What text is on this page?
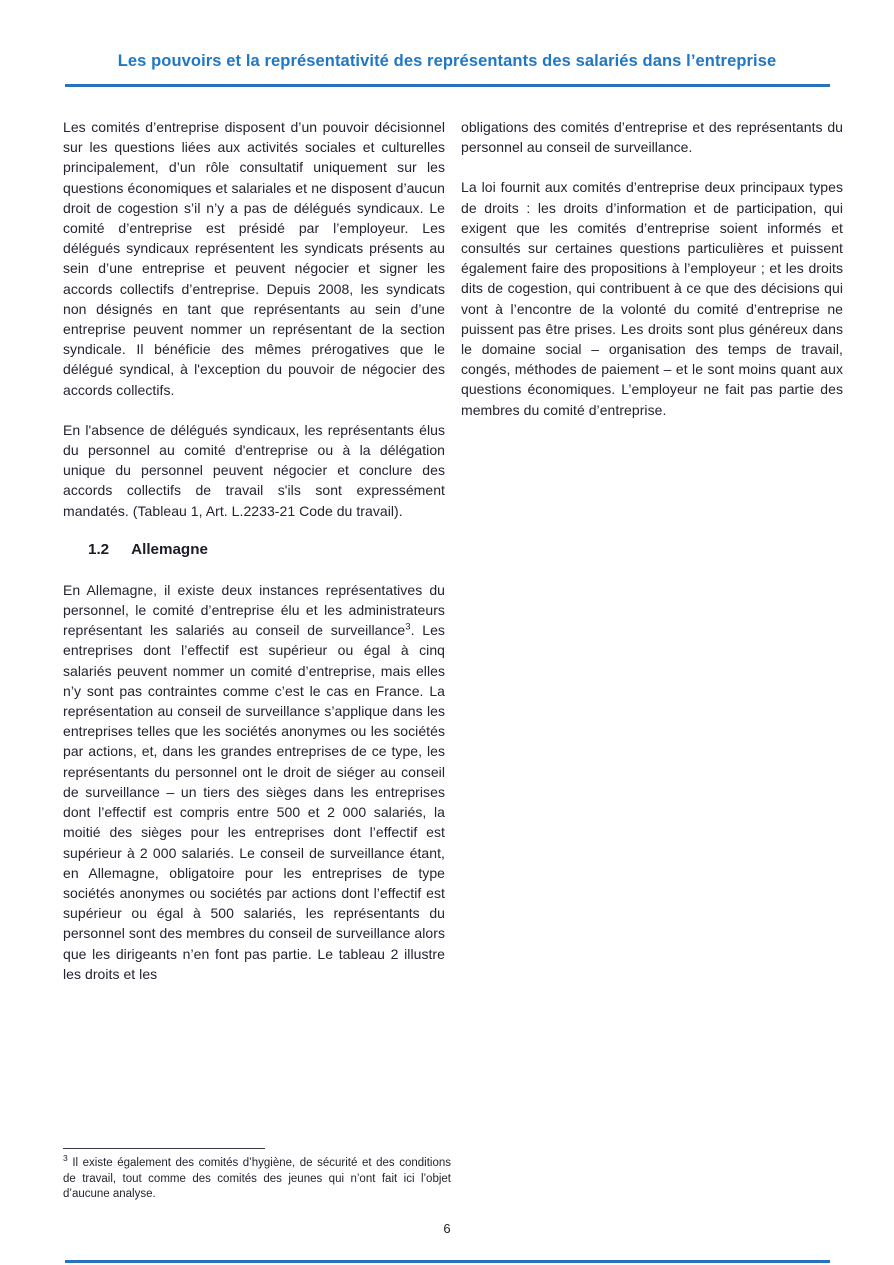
Les pouvoirs et la représentativité des représentants des salariés dans l’entreprise

Les comités d’entreprise disposent d’un pouvoir décisionnel sur les questions liées aux activités sociales et culturelles principalement, d’un rôle consultatif uniquement sur les questions économiques et salariales et ne disposent d’aucun droit de cogestion s’il n’y a pas de délégués syndicaux. Le comité d’entreprise est présidé par l’employeur. Les délégués syndicaux représentent les syndicats présents au sein d’une entreprise et peuvent négocier et signer les accords collectifs d’entreprise. Depuis 2008, les syndicats non désignés en tant que représentants au sein d’une entreprise peuvent nommer un représentant de la section syndicale. Il bénéficie des mêmes prérogatives que le délégué syndical, à l'exception du pouvoir de négocier des accords collectifs.

En l'absence de délégués syndicaux, les représentants élus du personnel au comité d'entreprise ou à la délégation unique du personnel peuvent négocier et conclure des accords collectifs de travail s'ils sont expressément mandatés. (Tableau 1, Art. L.2233-21 Code du travail).

1.2 Allemagne

En Allemagne, il existe deux instances représentatives du personnel, le comité d’entreprise élu et les administrateurs représentant les salariés au conseil de surveillance$^3$. Les entreprises dont l’effectif est supérieur ou égal à cinq salariés peuvent nommer un comité d’entreprise, mais elles n’y sont pas contraintes comme c’est le cas en France. La représentation au conseil de surveillance s’applique dans les entreprises telles que les sociétés anonymes ou les sociétés par actions, et, dans les grandes entreprises de ce type, les représentants du personnel ont le droit de siéger au conseil de surveillance – un tiers des sièges dans les entreprises dont l’effectif est compris entre 500 et 2 000 salariés, la moitié des sièges pour les entreprises dont l’effectif est supérieur à 2 000 salariés. Le conseil de surveillance étant, en Allemagne, obligatoire pour les entreprises de type sociétés anonymes ou sociétés par actions dont l’effectif est supérieur ou égal à 500 salariés, les représentants du personnel sont des membres du conseil de surveillance alors que les dirigeants n’en font pas partie. Le tableau 2 illustre les droits et les

obligations des comités d’entreprise et des représentants du personnel au conseil de surveillance.

La loi fournit aux comités d’entreprise deux principaux types de droits : les droits d’information et de participation, qui exigent que les comités d’entreprise soient informés et consultés sur certaines questions particulières et puissent également faire des propositions à l’employeur ; et les droits dits de cogestion, qui contribuent à ce que des décisions qui vont à l’encontre de la volonté du comité d’entreprise ne puissent pas être prises. Les droits sont plus généreux dans le domaine social – organisation des temps de travail, congés, méthodes de paiement – et le sont moins quant aux questions économiques. L’employeur ne fait pas partie des membres du comité d’entreprise.

$^3$ Il existe également des comités d’hygiène, de sécurité et des conditions de travail, tout comme des comités des jeunes qui n’ont fait ici l’objet d’aucune analyse.
6
